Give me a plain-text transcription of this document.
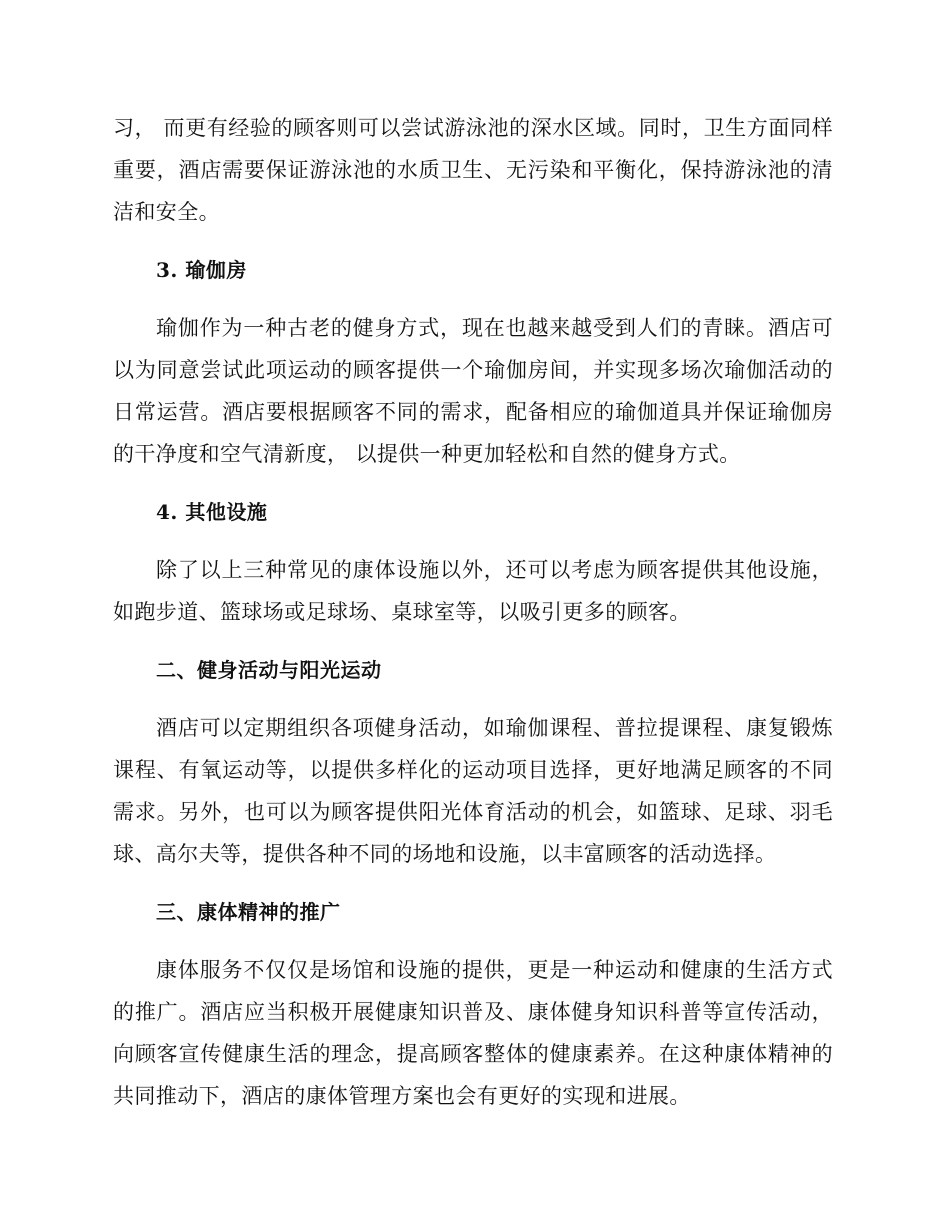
习， 而更有经验的顾客则可以尝试游泳池的深水区域。同时，卫生方面同样重要，酒店需要保证游泳池的水质卫生、无污染和平衡化，保持游泳池的清洁和安全。

3. 瑜伽房

瑜伽作为一种古老的健身方式，现在也越来越受到人们的青睐。酒店可以为同意尝试此项运动的顾客提供一个瑜伽房间，并实现多场次瑜伽活动的日常运营。酒店要根据顾客不同的需求，配备相应的瑜伽道具并保证瑜伽房的干净度和空气清新度， 以提供一种更加轻松和自然的健身方式。

4. 其他设施

除了以上三种常见的康体设施以外，还可以考虑为顾客提供其他设施，如跑步道、篮球场或足球场、桌球室等，以吸引更多的顾客。

二、健身活动与阳光运动

酒店可以定期组织各项健身活动，如瑜伽课程、普拉提课程、康复锻炼课程、有氧运动等，以提供多样化的运动项目选择，更好地满足顾客的不同需求。另外，也可以为顾客提供阳光体育活动的机会，如篮球、足球、羽毛球、高尔夫等，提供各种不同的场地和设施，以丰富顾客的活动选择。

三、康体精神的推广

康体服务不仅仅是场馆和设施的提供，更是一种运动和健康的生活方式的推广。酒店应当积极开展健康知识普及、康体健身知识科普等宣传活动，向顾客宣传健康生活的理念，提高顾客整体的健康素养。在这种康体精神的共同推动下，酒店的康体管理方案也会有更好的实现和进展。
